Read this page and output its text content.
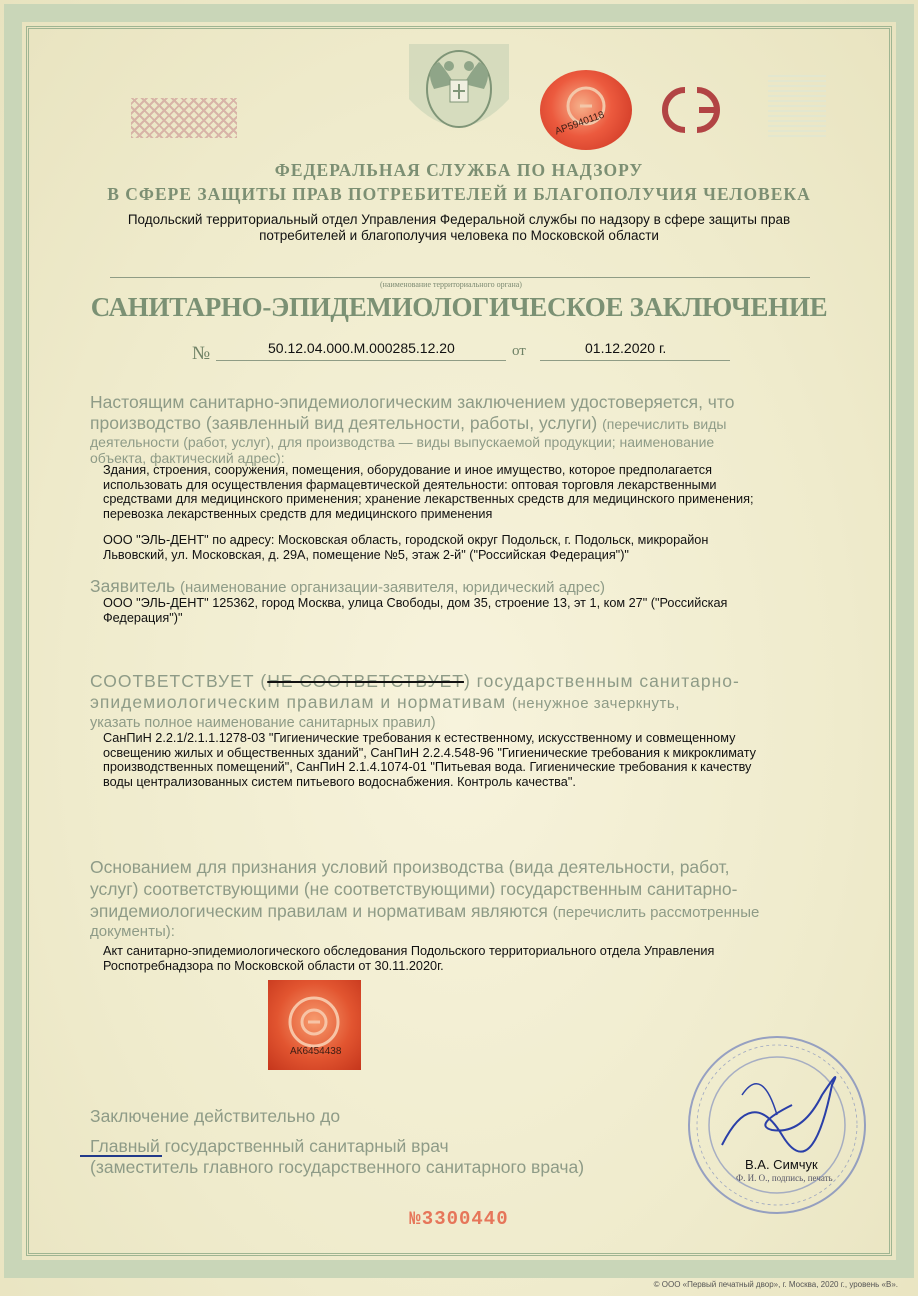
АР5940118
ФЕДЕРАЛЬНАЯ СЛУЖБА ПО НАДЗОРУ
В СФЕРЕ ЗАЩИТЫ ПРАВ ПОТРЕБИТЕЛЕЙ И БЛАГОПОЛУЧИЯ ЧЕЛОВЕКА
Подольский территориальный отдел Управления Федеральной службы по надзору в сфере защиты прав
потребителей и благополучия человека по Московской области
(наименование территориального органа)
САНИТАРНО-ЭПИДЕМИОЛОГИЧЕСКОЕ ЗАКЛЮЧЕНИЕ
№	50.12.04.000.М.000285.12.20	от	01.12.2020 г.
Настоящим санитарно-эпидемиологическим заключением удостоверяется, что
производство (заявленный вид деятельности, работы, услуги) (перечислить виды
деятельности (работ, услуг), для производства — виды выпускаемой продукции; наименование
объекта, фактический адрес):
Здания, строения, сооружения, помещения, оборудование и иное имущество, которое предполагается
использовать для осуществления фармацевтической деятельности: оптовая торговля лекарственными
средствами для медицинского применения; хранение лекарственных средств для медицинского применения;
перевозка лекарственных средств для медицинского применения
ООО "ЭЛЬ-ДЕНТ" по адресу: Московская область, городской округ Подольск, г. Подольск, микрорайон
Львовский, ул. Московская, д. 29А, помещение №5, этаж 2-й" ("Российская Федерация")"
Заявитель (наименование организации-заявителя, юридический адрес)
ООО "ЭЛЬ-ДЕНТ" 125362, город Москва, улица Свободы, дом 35, строение 13, эт 1, ком 27" ("Российская
Федерация")"
СООТВЕТСТВУЕТ (НЕ СООТВЕТСТВУЕТ) государственным санитарно-
эпидемиологическим правилам и нормативам (ненужное зачеркнуть,
указать полное наименование санитарных правил)
СанПиН 2.2.1/2.1.1.1278-03 "Гигиенические требования к естественному, искусственному и совмещенному
освещению жилых и общественных зданий", СанПиН 2.2.4.548-96 "Гигиенические требования к микроклимату
производственных помещений", СанПиН 2.1.4.1074-01 "Питьевая вода. Гигиенические требования к качеству
воды централизованных систем питьевого водоснабжения. Контроль качества".
Основанием для признания условий производства (вида деятельности, работ,
услуг) соответствующими (не соответствующими) государственным санитарно-
эпидемиологическим правилам и нормативам являются (перечислить рассмотренные
документы):
Акт санитарно-эпидемиологического обследования Подольского территориального отдела Управления
Роспотребнадзора по Московской области от 30.11.2020г.
АК6454438
Заключение действительно до
Главный государственный санитарный врач
(заместитель главного государственного санитарного врача)	В.А. Симчук
Ф. И. О., подпись, печать
№3300440
© ООО «Первый печатный двор», г. Москва, 2020 г., уровень «В».
